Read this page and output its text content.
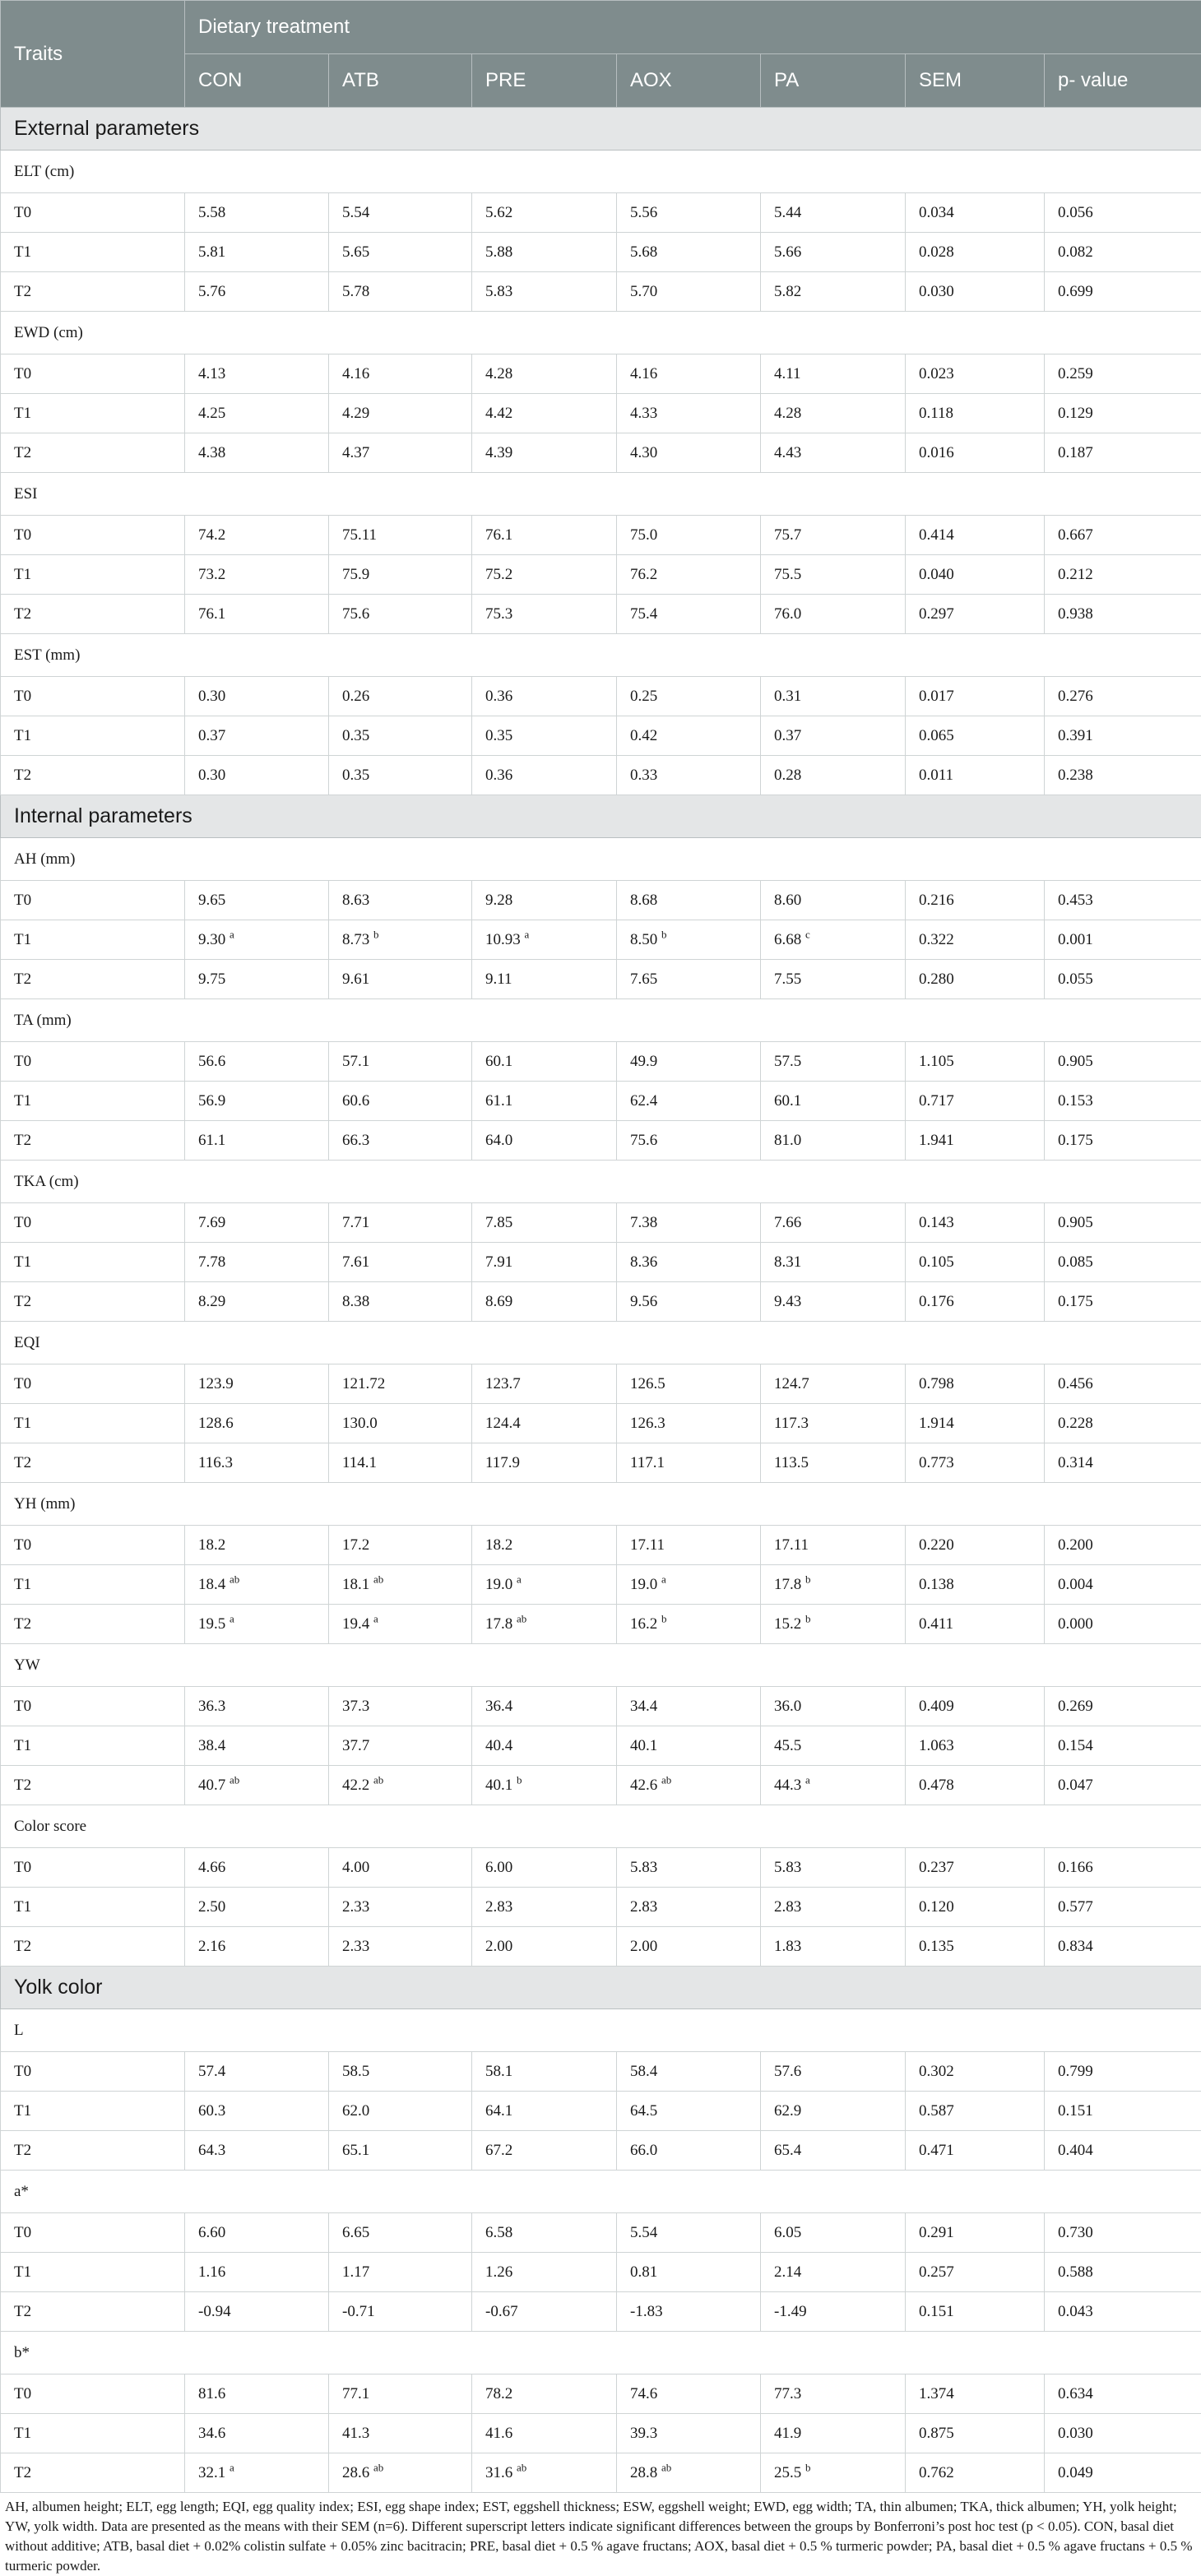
Traits	Dietary treatment						
	CON	ATB	PRE	AOX	PA	SEM	p- value
External parameters							
ELT (cm)							
T0	5.58	5.54	5.62	5.56	5.44	0.034	0.056
T1	5.81	5.65	5.88	5.68	5.66	0.028	0.082
T2	5.76	5.78	5.83	5.70	5.82	0.030	0.699
EWD (cm)							
T0	4.13	4.16	4.28	4.16	4.11	0.023	0.259
T1	4.25	4.29	4.42	4.33	4.28	0.118	0.129
T2	4.38	4.37	4.39	4.30	4.43	0.016	0.187
ESI							
T0	74.2	75.11	76.1	75.0	75.7	0.414	0.667
T1	73.2	75.9	75.2	76.2	75.5	0.040	0.212
T2	76.1	75.6	75.3	75.4	76.0	0.297	0.938
EST (mm)							
T0	0.30	0.26	0.36	0.25	0.31	0.017	0.276
T1	0.37	0.35	0.35	0.42	0.37	0.065	0.391
T2	0.30	0.35	0.36	0.33	0.28	0.011	0.238
Internal parameters							
AH (mm)							
T0	9.65	8.63	9.28	8.68	8.60	0.216	0.453
T1	9.30 $^a$	8.73 $^b$	10.93 $^a$	8.50 $^b$	6.68 $^c$	0.322	0.001
T2	9.75	9.61	9.11	7.65	7.55	0.280	0.055
TA (mm)							
T0	56.6	57.1	60.1	49.9	57.5	1.105	0.905
T1	56.9	60.6	61.1	62.4	60.1	0.717	0.153
T2	61.1	66.3	64.0	75.6	81.0	1.941	0.175
TKA (cm)							
T0	7.69	7.71	7.85	7.38	7.66	0.143	0.905
T1	7.78	7.61	7.91	8.36	8.31	0.105	0.085
T2	8.29	8.38	8.69	9.56	9.43	0.176	0.175
EQI							
T0	123.9	121.72	123.7	126.5	124.7	0.798	0.456
T1	128.6	130.0	124.4	126.3	117.3	1.914	0.228
T2	116.3	114.1	117.9	117.1	113.5	0.773	0.314
YH (mm)							
T0	18.2	17.2	18.2	17.11	17.11	0.220	0.200
T1	18.4 $^{ab}$	18.1 $^{ab}$	19.0 $^a$	19.0 $^a$	17.8 $^b$	0.138	0.004
T2	19.5 $^a$	19.4 $^a$	17.8 $^{ab}$	16.2 $^b$	15.2 $^b$	0.411	0.000
YW							
T0	36.3	37.3	36.4	34.4	36.0	0.409	0.269
T1	38.4	37.7	40.4	40.1	45.5	1.063	0.154
T2	40.7 $^{ab}$	42.2 $^{ab}$	40.1 $^b$	42.6 $^{ab}$	44.3 $^a$	0.478	0.047
Color score							
T0	4.66	4.00	6.00	5.83	5.83	0.237	0.166
T1	2.50	2.33	2.83	2.83	2.83	0.120	0.577
T2	2.16	2.33	2.00	2.00	1.83	0.135	0.834
Yolk color							
L							
T0	57.4	58.5	58.1	58.4	57.6	0.302	0.799
T1	60.3	62.0	64.1	64.5	62.9	0.587	0.151
T2	64.3	65.1	67.2	66.0	65.4	0.471	0.404
a*							
T0	6.60	6.65	6.58	5.54	6.05	0.291	0.730
T1	1.16	1.17	1.26	0.81	2.14	0.257	0.588
T2	-0.94	-0.71	-0.67	-1.83	-1.49	0.151	0.043
b*							
T0	81.6	77.1	78.2	74.6	77.3	1.374	0.634
T1	34.6	41.3	41.6	39.3	41.9	0.875	0.030
T2	32.1 $^a$	28.6 $^{ab}$	31.6 $^{ab}$	28.8 $^{ab}$	25.5 $^b$	0.762	0.049
AH, albumen height; ELT, egg length; EQI, egg quality index; ESI, egg shape index; EST, eggshell thickness; ESW, eggshell weight; EWD, egg width; TA, thin albumen; TKA, thick albumen; YH, yolk height; YW, yolk width. Data are presented as the means with their SEM (n=6). Different superscript letters indicate significant differences between the groups by Bonferroni’s post hoc test (p < 0.05). CON, basal diet without additive; ATB, basal diet + 0.02% colistin sulfate + 0.05% zinc bacitracin; PRE, basal diet + 0.5 % agave fructans; AOX, basal diet + 0.5 % turmeric powder; PA, basal diet + 0.5 % agave fructans + 0.5 % turmeric powder.
